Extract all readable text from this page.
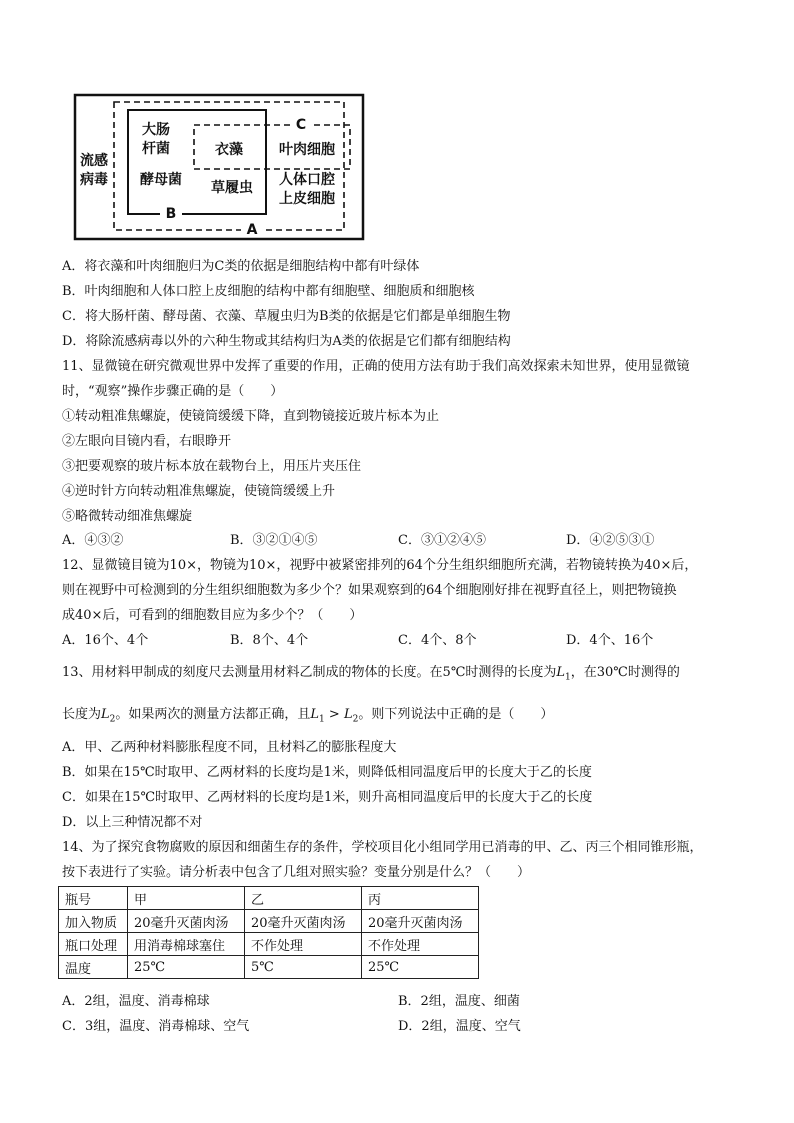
B
A
C
流感
病毒
大肠
杆菌
酵母菌
衣藻	叶肉细胞
草履虫 人体口腔
上皮细胞
A．将衣藻和叶肉细胞归为C类的依据是细胞结构中都有叶绿体
B．叶肉细胞和人体口腔上皮细胞的结构中都有细胞壁、细胞质和细胞核
C．将大肠杆菌、酵母菌、衣藻、草履虫归为B类的依据是它们都是单细胞生物
D．将除流感病毒以外的六种生物或其结构归为A类的依据是它们都有细胞结构
11、显微镜在研究微观世界中发挥了重要的作用，正确的使用方法有助于我们高效探索未知世界，使用显微镜
时，“观察”操作步骤正确的是（　　）
①转动粗准焦螺旋，使镜筒缓缓下降，直到物镜接近玻片标本为止
②左眼向目镜内看，右眼睁开
③把要观察的玻片标本放在载物台上，用压片夹压住
④逆时针方向转动粗准焦螺旋，使镜筒缓缓上升
⑤略微转动细准焦螺旋
A．④③②	B．③②①④⑤	C．③①②④⑤	D．④②⑤③①
12、显微镜目镜为10×，物镜为10×，视野中被紧密排列的64个分生组织细胞所充满，若物镜转换为40×后，
则在视野中可检测到的分生组织细胞数为多少个？如果观察到的64个细胞刚好排在视野直径上，则把物镜换
成40×后，可看到的细胞数目应为多少个？（　　）
A．16个、4个	B．8个、4个	C．4个、8个	D．4个、16个
13、用材料甲制成的刻度尺去测量用材料乙制成的物体的长度。在5℃时测得的长度为$L_1$，在30℃时测得的
长度为$L_2$。如果两次的测量方法都正确，且$L_1 > L_2$。则下列说法中正确的是（　　）
A．甲、乙两种材料膨胀程度不同，且材料乙的膨胀程度大
B．如果在15℃时取甲、乙两材料的长度均是1米，则降低相同温度后甲的长度大于乙的长度
C．如果在15℃时取甲、乙两材料的长度均是1米，则升高相同温度后甲的长度大于乙的长度
D．以上三种情况都不对
14、为了探究食物腐败的原因和细菌生存的条件，学校项目化小组同学用已消毒的甲、乙、丙三个相同锥形瓶，
按下表进行了实验。请分析表中包含了几组对照实验？变量分别是什么？（　　）
瓶号	甲	乙	丙
加入物质	20毫升灭菌肉汤	20毫升灭菌肉汤	20毫升灭菌肉汤
瓶口处理	用消毒棉球塞住	不作处理	不作处理
温度	25℃	5℃	25℃
A．2组，温度、消毒棉球	B．2组，温度、细菌
C．3组，温度、消毒棉球、空气	D．2组，温度、空气
